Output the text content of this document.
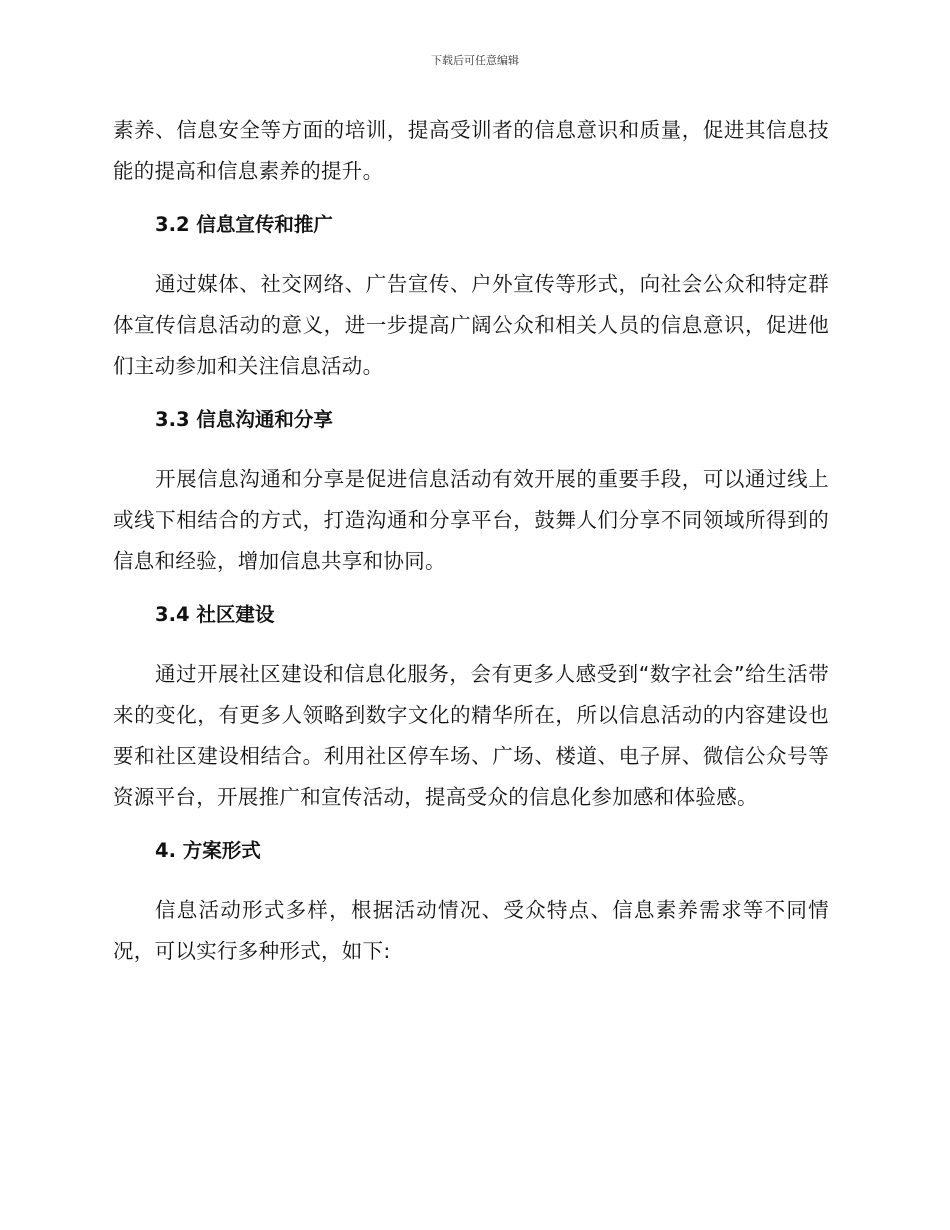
下载后可任意编辑

素养、信息安全等方面的培训，提高受训者的信息意识和质量，促进其信息技能的提高和信息素养的提升。

3.2 信息宣传和推广

通过媒体、社交网络、广告宣传、户外宣传等形式，向社会公众和特定群体宣传信息活动的意义，进一步提高广阔公众和相关人员的信息意识，促进他们主动参加和关注信息活动。

3.3 信息沟通和分享

开展信息沟通和分享是促进信息活动有效开展的重要手段，可以通过线上或线下相结合的方式，打造沟通和分享平台，鼓舞人们分享不同领域所得到的信息和经验，增加信息共享和协同。

3.4 社区建设

通过开展社区建设和信息化服务，会有更多人感受到“数字社会”给生活带来的变化，有更多人领略到数字文化的精华所在，所以信息活动的内容建设也要和社区建设相结合。利用社区停车场、广场、楼道、电子屏、微信公众号等资源平台，开展推广和宣传活动，提高受众的信息化参加感和体验感。

4. 方案形式

信息活动形式多样，根据活动情况、受众特点、信息素养需求等不同情况，可以实行多种形式，如下:
